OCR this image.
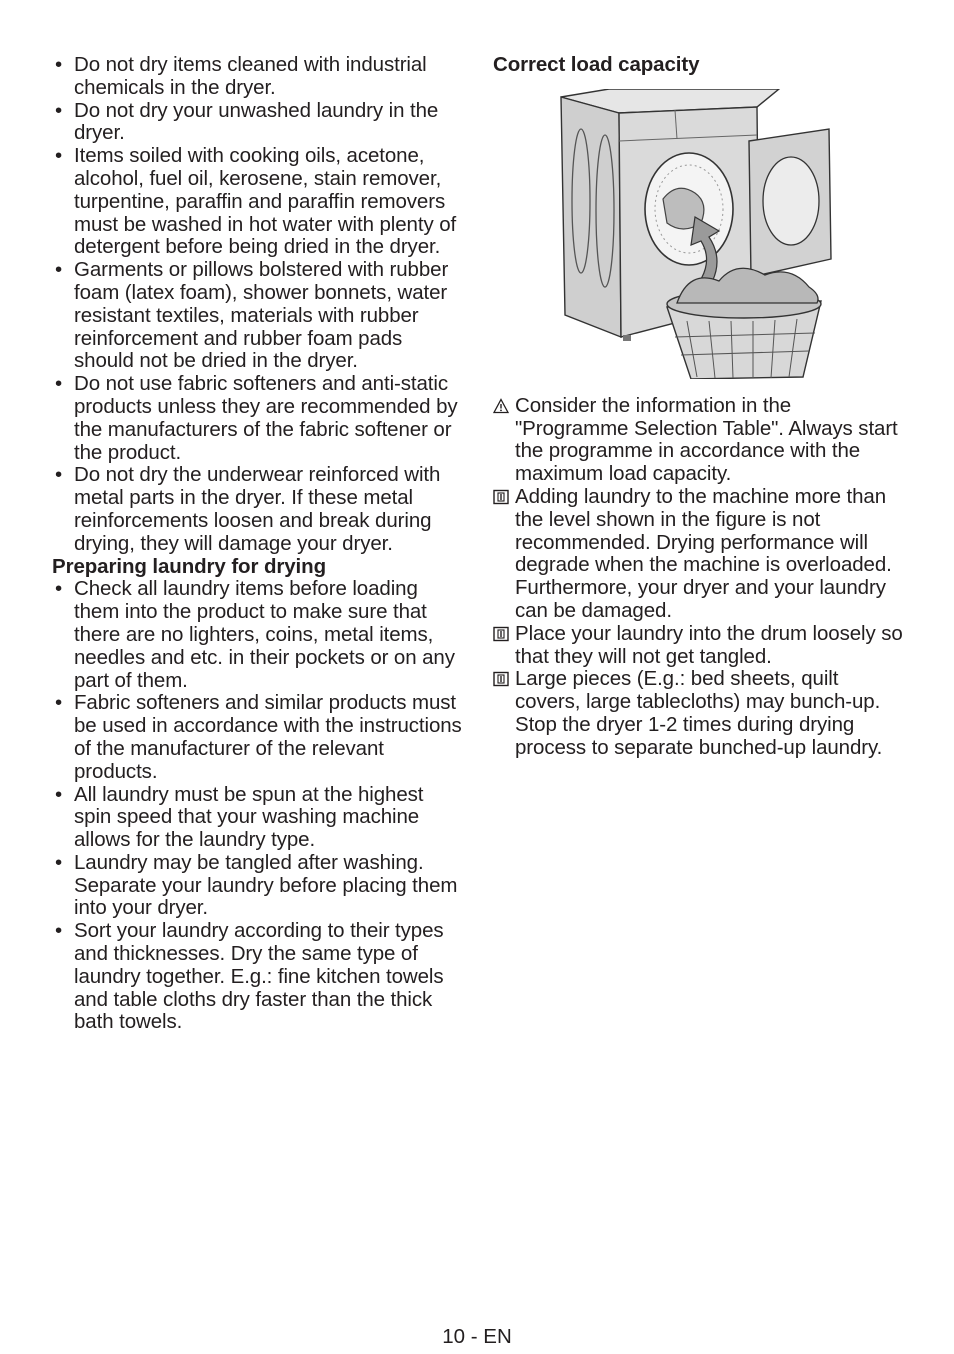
• Do not dry items cleaned with industrial chemicals in the dryer.
• Do not dry your unwashed laundry in the dryer.
• Items soiled with cooking oils, acetone, alcohol, fuel oil, kerosene, stain remover, turpentine, paraffin and paraffin removers must be washed in hot water with plenty of detergent before being dried in the dryer.
• Garments or pillows bolstered with rubber foam (latex foam), shower bonnets, water resistant textiles, materials with rubber reinforcement and rubber foam pads should not be dried in the dryer.
• Do not use fabric softeners and anti-static products unless they are recommended by the manufacturers of the fabric softener or the product.
• Do not dry the underwear reinforced with metal parts in the dryer. If these metal reinforcements loosen and break during drying, they will damage your dryer.
Preparing laundry for drying
• Check all laundry items before loading them into the product to make sure that there are no lighters, coins, metal items, needles and etc. in their pockets or on any part of them.
• Fabric softeners and similar products must be used in accordance with the instructions of the manufacturer of the relevant products.
• All laundry must be spun at the highest spin speed that your washing machine allows for the laundry type.
• Laundry may be tangled after washing. Separate your laundry before placing them into your dryer.
• Sort your laundry according to their types and thicknesses. Dry the same type of laundry together. E.g.: fine kitchen towels and table cloths dry faster than the thick bath towels.
Correct load capacity
Consider the information in the "Programme Selection Table". Always start the programme in accordance with the maximum load capacity.
Adding laundry to the machine more than the level shown in the figure is not recommended. Drying performance will degrade when the machine is overloaded. Furthermore, your dryer and your laundry can be damaged.
Place your laundry into the drum loosely so that they will not get tangled.
Large pieces (E.g.: bed sheets, quilt covers, large tablecloths) may bunch-up. Stop the dryer 1-2 times during drying process to separate bunched-up laundry.
10 - EN
